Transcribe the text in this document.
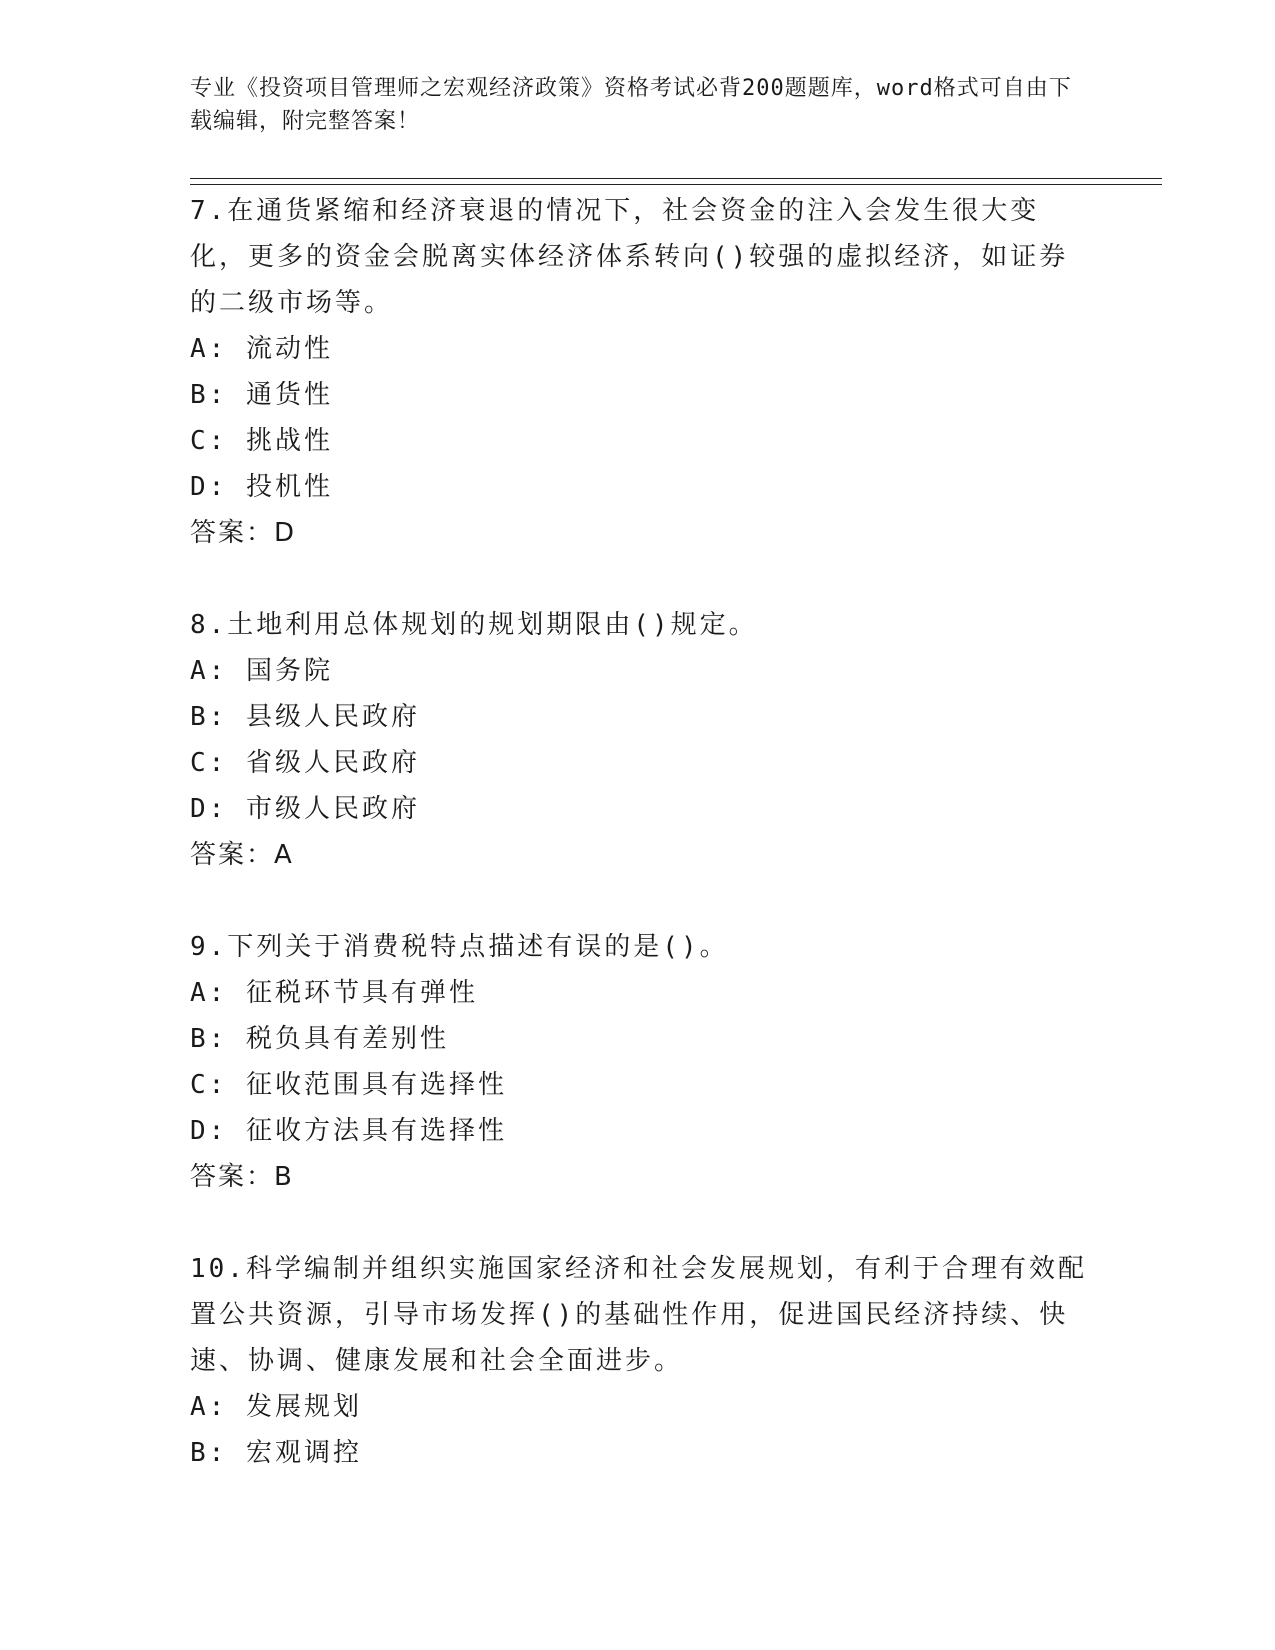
专业《投资项目管理师之宏观经济政策》资格考试必背200题题库，word格式可自由下载编辑，附完整答案！

7.在通货紧缩和经济衰退的情况下，社会资金的注入会发生很大变化，更多的资金会脱离实体经济体系转向()较强的虚拟经济，如证券的二级市场等。

A: 流动性

B: 通货性

C: 挑战性

D: 投机性

答案：D

8.土地利用总体规划的规划期限由()规定。

A: 国务院

B: 县级人民政府

C: 省级人民政府

D: 市级人民政府

答案：A

9.下列关于消费税特点描述有误的是()。

A: 征税环节具有弹性

B: 税负具有差别性

C: 征收范围具有选择性

D: 征收方法具有选择性

答案：B

10.科学编制并组织实施国家经济和社会发展规划，有利于合理有效配置公共资源，引导市场发挥()的基础性作用，促进国民经济持续、快速、协调、健康发展和社会全面进步。

A: 发展规划

B: 宏观调控
